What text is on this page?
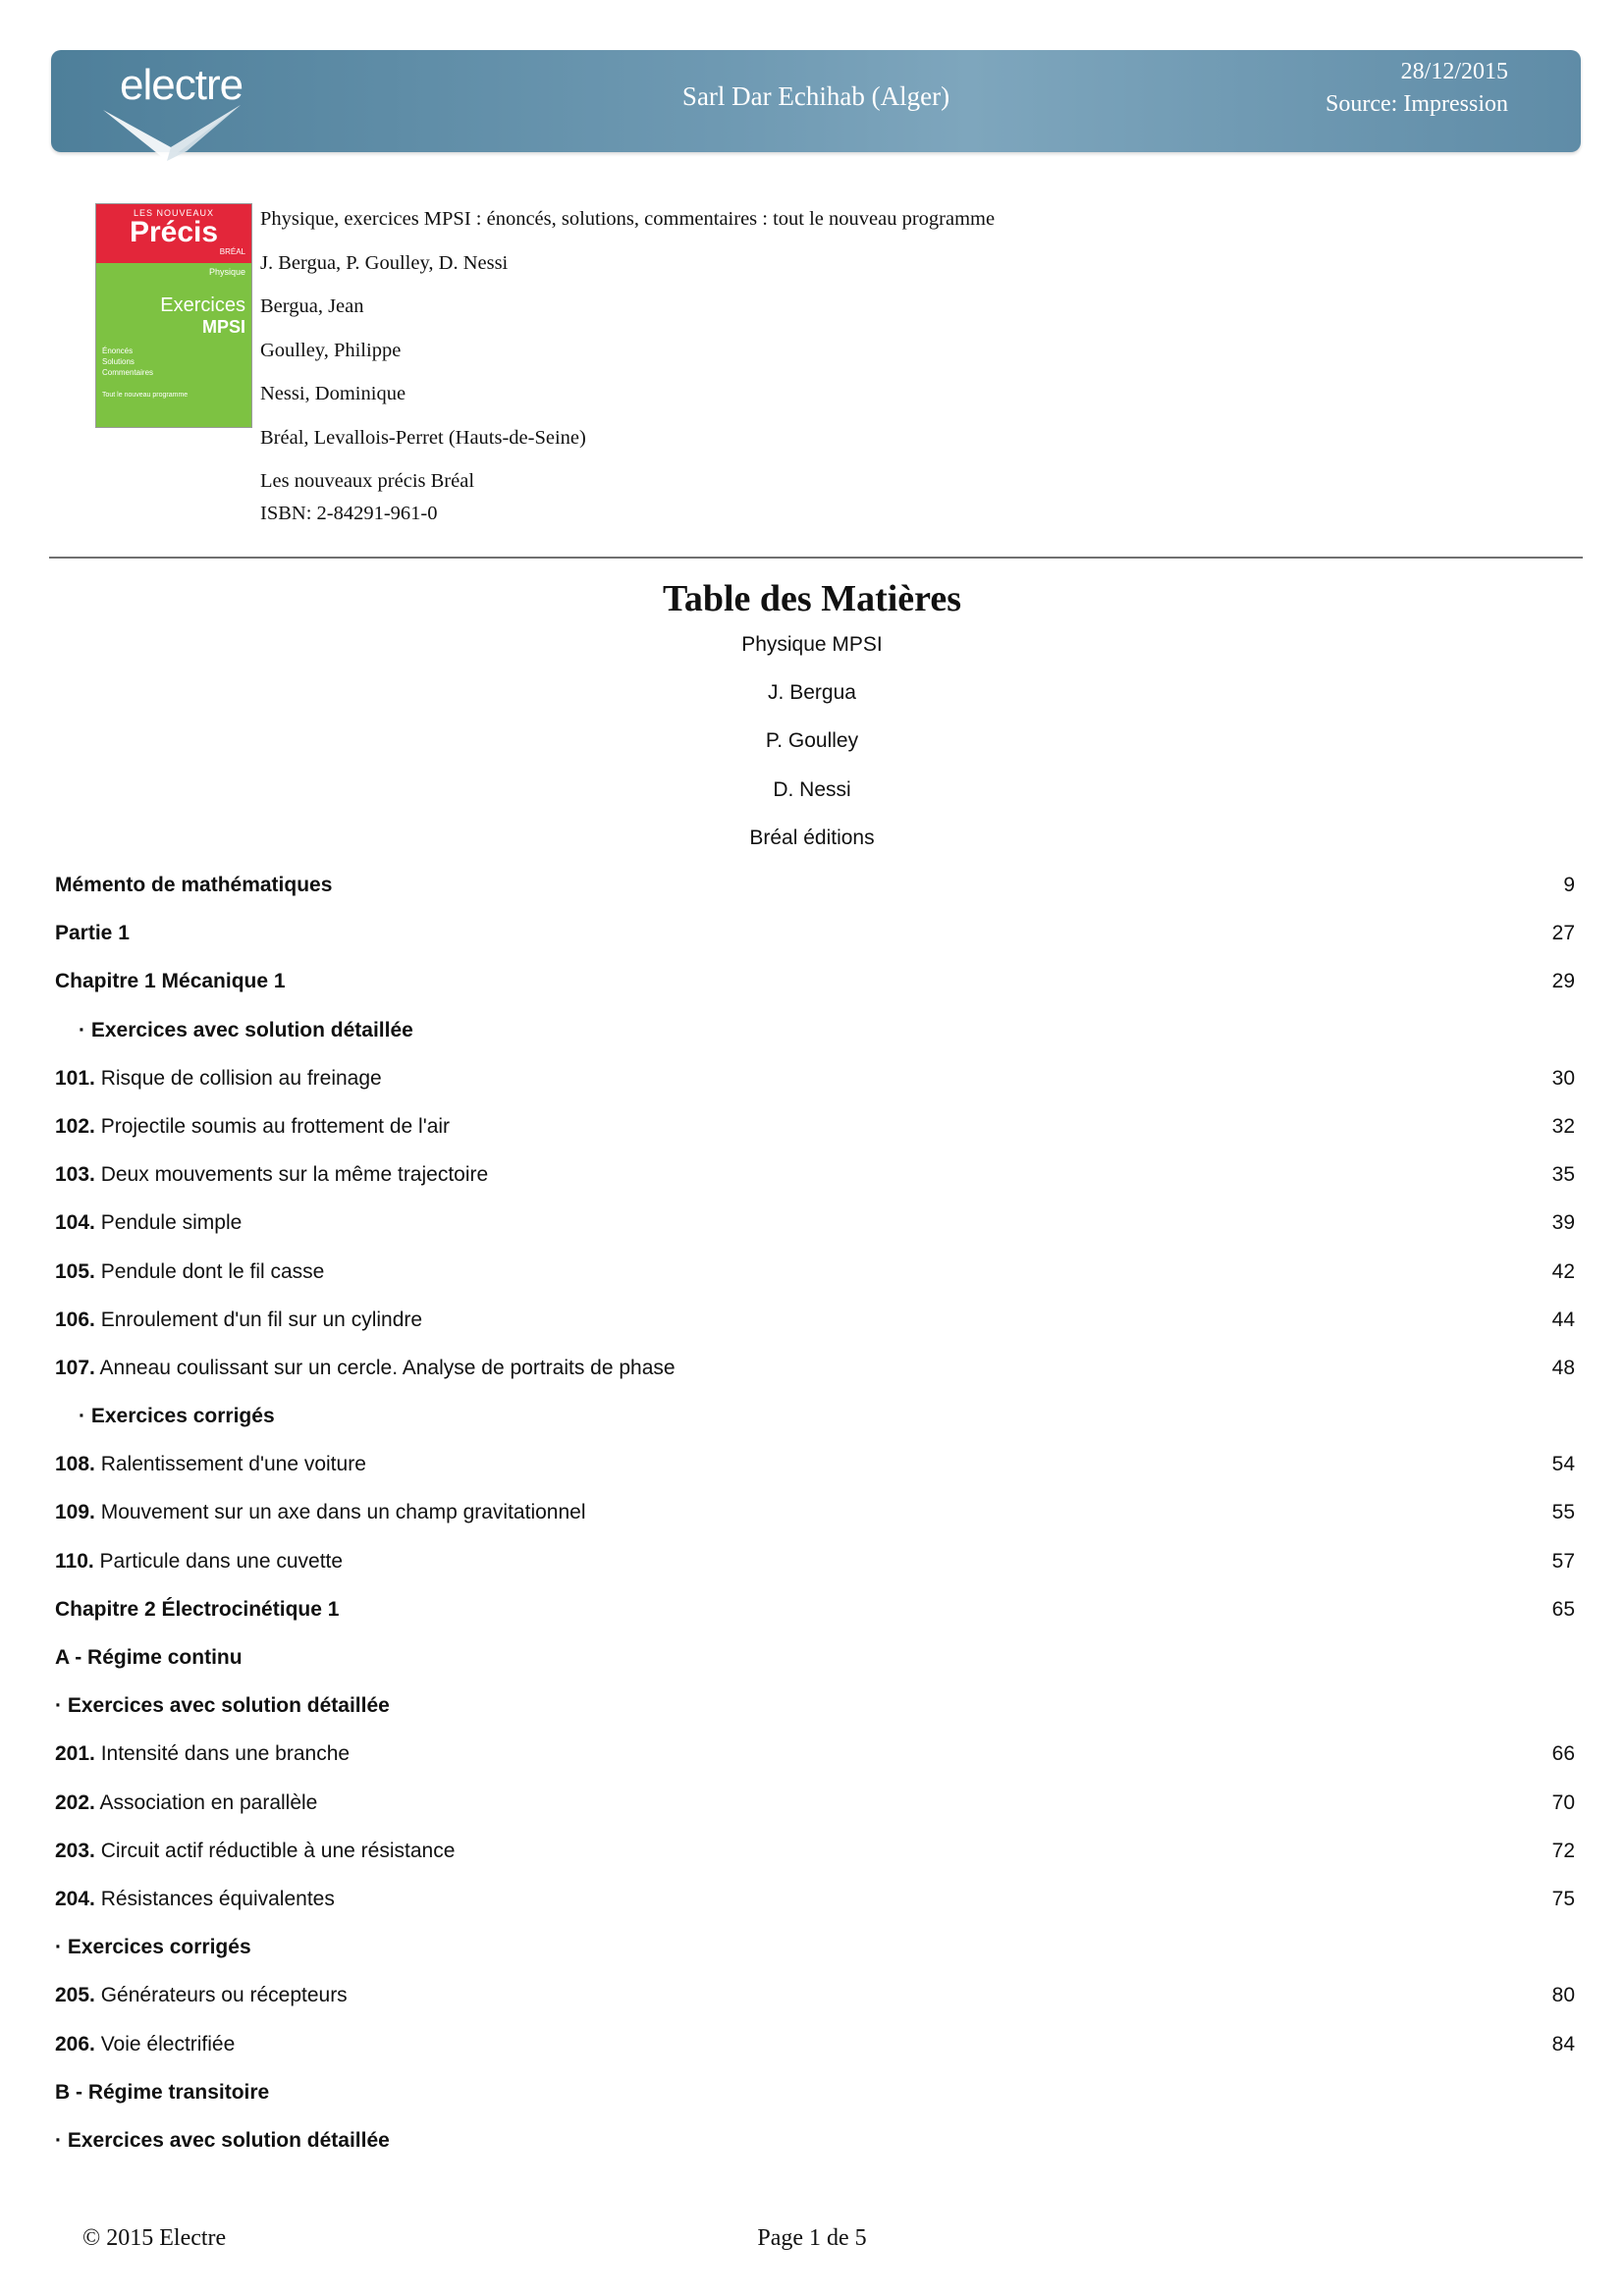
Sarl Dar Echihab (Alger)
28/12/2015
Source: Impression
electre
LES NOUVEAUX
Précis
BRÉAL
Physique
Exercices
MPSI
Énoncés
Solutions
Commentaires
Tout le nouveau programme
Physique, exercices MPSI : énoncés, solutions, commentaires : tout le nouveau programme
J. Bergua, P. Goulley, D. Nessi
Bergua, Jean
Goulley, Philippe
Nessi, Dominique
Bréal, Levallois-Perret (Hauts-de-Seine)
Les nouveaux précis Bréal
ISBN: 2-84291-961-0
Table des Matières
Physique MPSI
J. Bergua
P. Goulley
D. Nessi
Bréal éditions
Mémento de mathématiques	9
Partie 1	27
Chapitre 1 Mécanique 1	29
· Exercices avec solution détaillée
101. Risque de collision au freinage	30
102. Projectile soumis au frottement de l'air	32
103. Deux mouvements sur la même trajectoire	35
104. Pendule simple	39
105. Pendule dont le fil casse	42
106. Enroulement d'un fil sur un cylindre	44
107. Anneau coulissant sur un cercle. Analyse de portraits de phase	48
· Exercices corrigés
108. Ralentissement d'une voiture	54
109. Mouvement sur un axe dans un champ gravitationnel	55
110. Particule dans une cuvette	57
Chapitre 2 Électrocinétique 1	65
A - Régime continu
· Exercices avec solution détaillée
201. Intensité dans une branche	66
202. Association en parallèle	70
203. Circuit actif réductible à une résistance	72
204. Résistances équivalentes	75
· Exercices corrigés
205. Générateurs ou récepteurs	80
206. Voie électrifiée	84
B - Régime transitoire
· Exercices avec solution détaillée
© 2015 Electre	Page 1 de 5
